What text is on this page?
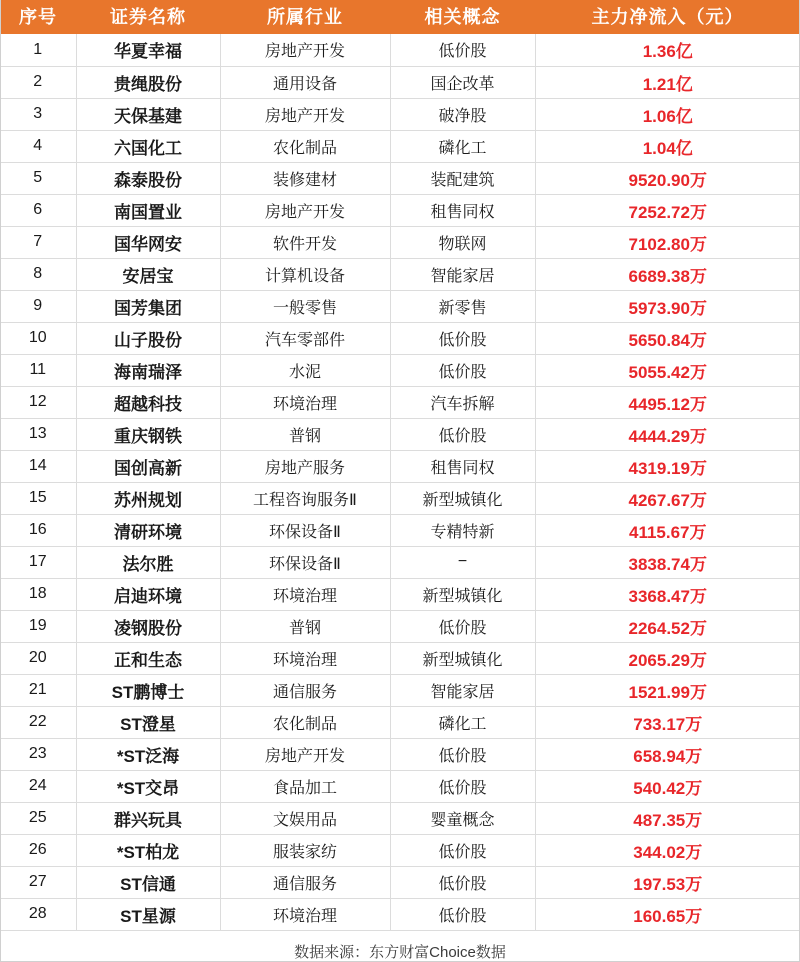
序号	证券名称	所属行业	相关概念	主力净流入（元）
1	华夏幸福	房地产开发	低价股	1.36亿
2	贵绳股份	通用设备	国企改革	1.21亿
3	天保基建	房地产开发	破净股	1.06亿
4	六国化工	农化制品	磷化工	1.04亿
5	森泰股份	装修建材	装配建筑	9520.90万
6	南国置业	房地产开发	租售同权	7252.72万
7	国华网安	软件开发	物联网	7102.80万
8	安居宝	计算机设备	智能家居	6689.38万
9	国芳集团	一般零售	新零售	5973.90万
10	山子股份	汽车零部件	低价股	5650.84万
11	海南瑞泽	水泥	低价股	5055.42万
12	超越科技	环境治理	汽车拆解	4495.12万
13	重庆钢铁	普钢	低价股	4444.29万
14	国创高新	房地产服务	租售同权	4319.19万
15	苏州规划	工程咨询服务Ⅱ	新型城镇化	4267.67万
16	清研环境	环保设备Ⅱ	专精特新	4115.67万
17	法尔胜	环保设备Ⅱ	−	3838.74万
18	启迪环境	环境治理	新型城镇化	3368.47万
19	凌钢股份	普钢	低价股	2264.52万
20	正和生态	环境治理	新型城镇化	2065.29万
21	ST鹏博士	通信服务	智能家居	1521.99万
22	ST澄星	农化制品	磷化工	733.17万
23	*ST泛海	房地产开发	低价股	658.94万
24	*ST交昂	食品加工	低价股	540.42万
25	群兴玩具	文娱用品	婴童概念	487.35万
26	*ST柏龙	服装家纺	低价股	344.02万
27	ST信通	通信服务	低价股	197.53万
28	ST星源	环境治理	低价股	160.65万
数据来源：东方财富Choice数据				
